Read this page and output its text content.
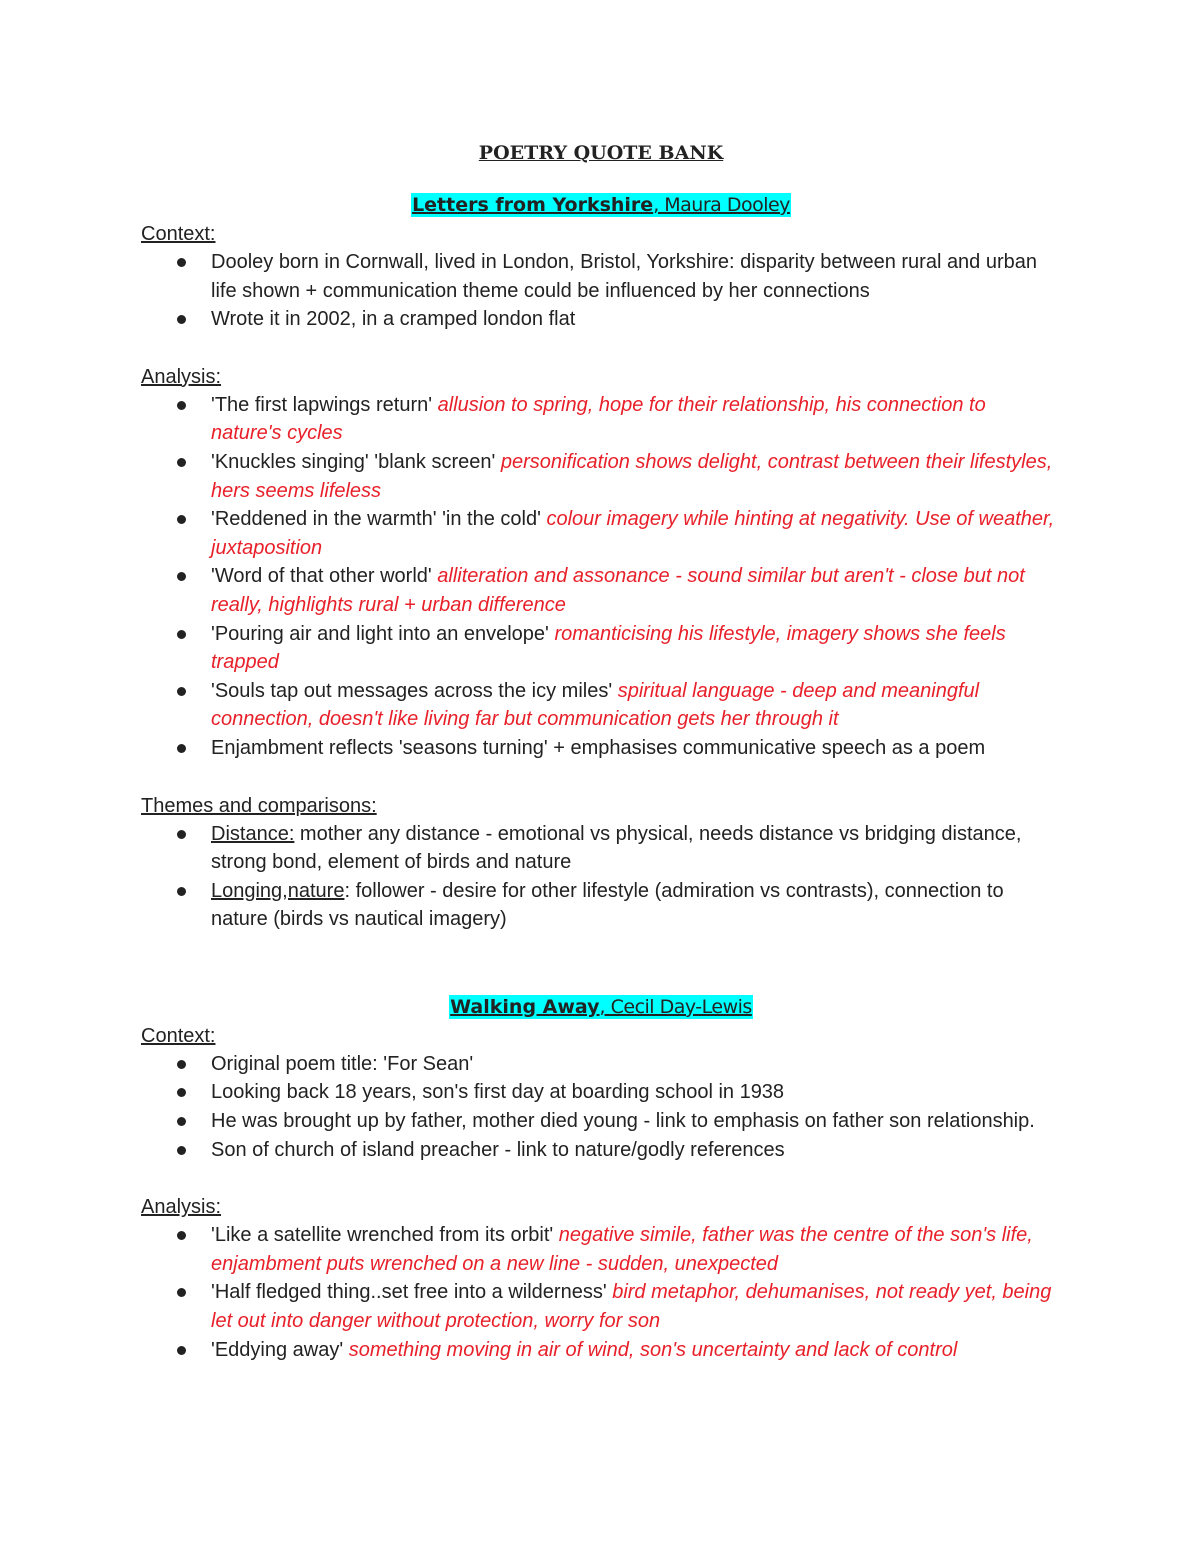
POETRY QUOTE BANK
Letters from Yorkshire, Maura Dooley
Context:
Dooley born in Cornwall, lived in London, Bristol, Yorkshire: disparity between rural and urban life shown + communication theme could be influenced by her connections
Wrote it in 2002, in a cramped london flat
Analysis:
'The first lapwings return' allusion to spring, hope for their relationship, his connection to nature's cycles
'Knuckles singing' 'blank screen' personification shows delight, contrast between their lifestyles, hers seems lifeless
'Reddened in the warmth' 'in the cold' colour imagery while hinting at negativity. Use of weather, juxtaposition
'Word of that other world' alliteration and assonance - sound similar but aren't - close but not really, highlights rural + urban difference
'Pouring air and light into an envelope' romanticising his lifestyle, imagery shows she feels trapped
'Souls tap out messages across the icy miles' spiritual language - deep and meaningful connection, doesn't like living far but communication gets her through it
Enjambment reflects 'seasons turning' + emphasises communicative speech as a poem
Themes and comparisons:
Distance: mother any distance - emotional vs physical, needs distance vs bridging distance, strong bond, element of birds and nature
Longing,nature: follower - desire for other lifestyle (admiration vs contrasts), connection to nature (birds vs nautical imagery)
Walking Away, Cecil Day-Lewis
Context:
Original poem title: 'For Sean'
Looking back 18 years, son's first day at boarding school in 1938
He was brought up by father, mother died young - link to emphasis on father son relationship.
Son of church of island preacher - link to nature/godly references
Analysis:
'Like a satellite wrenched from its orbit' negative simile, father was the centre of the son's life, enjambment puts wrenched on a new line - sudden, unexpected
'Half fledged thing..set free into a wilderness' bird metaphor, dehumanises, not ready yet, being let out into danger without protection, worry for son
'Eddying away' something moving in air of wind, son's uncertainty and lack of control
